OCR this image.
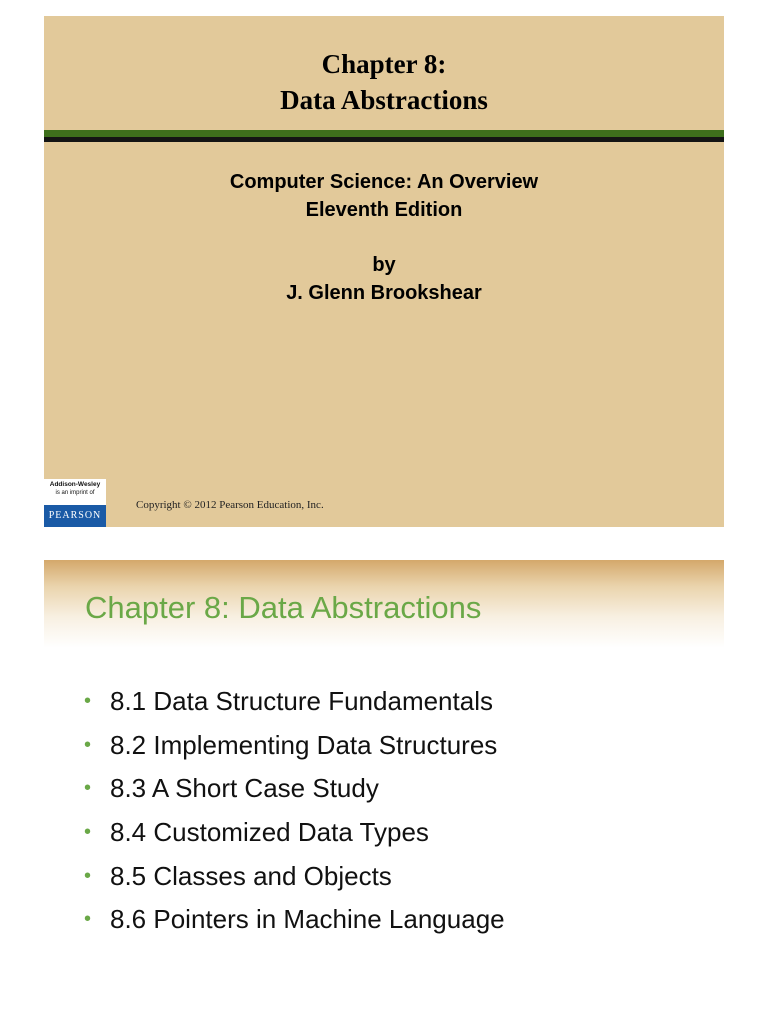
Chapter 8:
Data Abstractions
Computer Science: An Overview
Eleventh Edition
by
J. Glenn Brookshear
Addison-Wesley
is an imprint of
PEARSON
Copyright © 2012 Pearson Education, Inc.
Chapter 8: Data Abstractions
• 8.1 Data Structure Fundamentals
• 8.2 Implementing Data Structures
• 8.3 A Short Case Study
• 8.4 Customized Data Types
• 8.5 Classes and Objects
• 8.6 Pointers in Machine Language
